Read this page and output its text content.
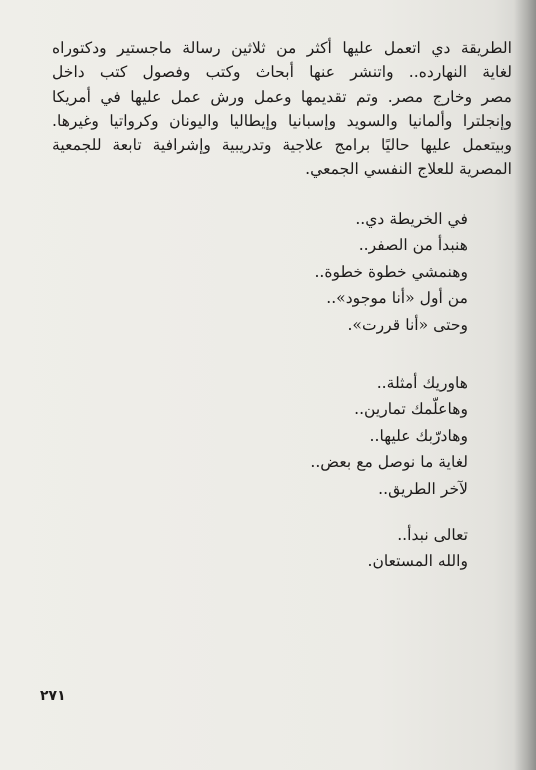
الطريقة دي اتعمل عليها أكثر من ثلاثين رسالة ماجستير ودكتوراه
لغاية النهارده.. واتنشر عنها أبحاث وكتب وفصول كتب داخل
مصر وخارج مصر. وتم تقديمها وعمل ورش عمل عليها في أمريكا
وإنجلترا وألمانيا والسويد وإسبانيا وإيطاليا واليونان وكرواتيا وغيرها.
وبيتعمل عليها حاليًا برامج علاجية وتدريبية وإشرافية تابعة للجمعية
المصرية للعلاج النفسي الجمعي.
في الخريطة دي..
هنبدأ من الصفر..
وهنمشي خطوة خطوة..
من أول «أنا موجود»..
وحتى «أنا قررت».
هاوريك أمثلة..
وهاعلّمك تمارين..
وهادرّبك عليها..
لغاية ما نوصل مع بعض..
لآخر الطريق..
تعالى نبدأ..
والله المستعان.
٢٧١
